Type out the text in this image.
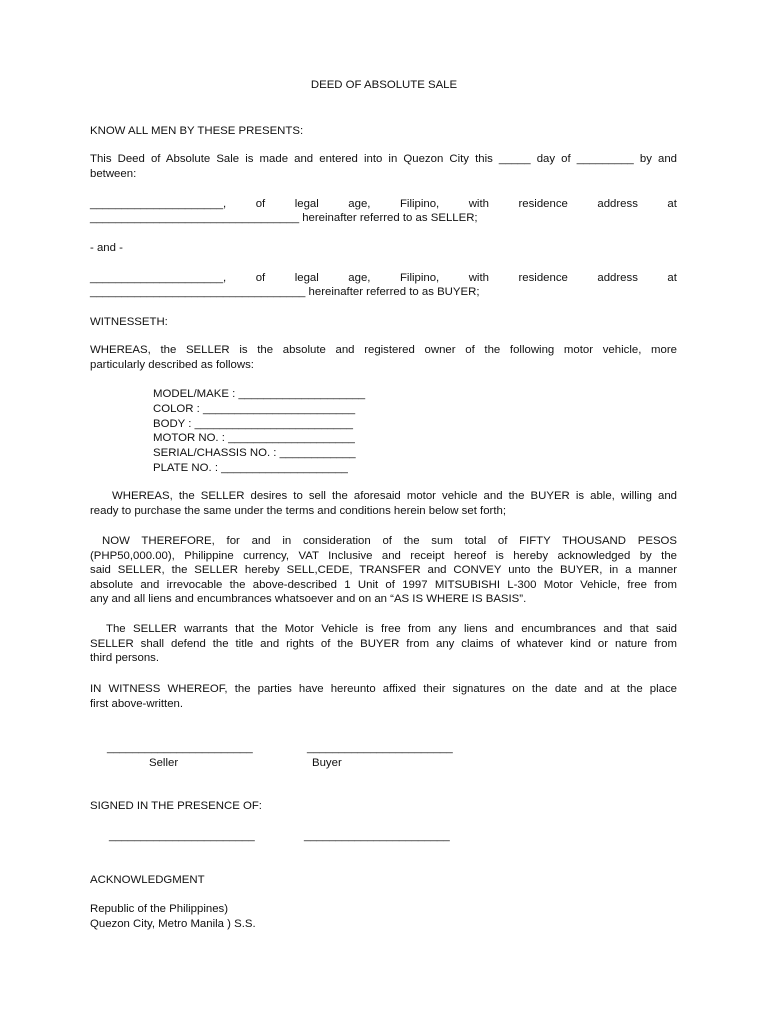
DEED OF ABSOLUTE SALE
KNOW ALL MEN BY THESE PRESENTS:
This Deed of Absolute Sale is made and entered into in Quezon City this _____ day of _________ by and
between:
_____________________,	of	legal	age,	Filipino,	with	residence	address	at
_________________________________ hereinafter referred to as SELLER;
- and -
_____________________,	of	legal	age,	Filipino,	with	residence	address	at
__________________________________ hereinafter referred to as BUYER;
WITNESSETH:
WHEREAS, the SELLER is the absolute and registered owner of the following motor vehicle, more
particularly described as follows:
MODEL/MAKE : ____________________
COLOR : ________________________
BODY : _________________________
MOTOR NO. : ____________________
SERIAL/CHASSIS NO. : ____________
PLATE NO. : ____________________
WHEREAS, the SELLER desires to sell the aforesaid motor vehicle and the BUYER is able, willing and
ready to purchase the same under the terms and conditions herein below set forth;
NOW THEREFORE, for and in consideration of the sum total of FIFTY THOUSAND PESOS
(PHP50,000.00), Philippine currency, VAT Inclusive and receipt hereof is hereby acknowledged by the
said SELLER, the SELLER hereby SELL,CEDE, TRANSFER and CONVEY unto the BUYER, in a manner
absolute and irrevocable the above-described 1 Unit of 1997 MITSUBISHI L-300 Motor Vehicle, free from
any and all liens and encumbrances whatsoever and on an “AS IS WHERE IS BASIS”.
The SELLER warrants that the Motor Vehicle is free from any liens and encumbrances and that said
SELLER shall defend the title and rights of the BUYER from any claims of whatever kind or nature from
third persons.
IN WITNESS WHEREOF, the parties have hereunto affixed their signatures on the date and at the place
first above-written.
_______________________
Seller
_______________________
Buyer
SIGNED IN THE PRESENCE OF:
_______________________	_______________________
ACKNOWLEDGMENT
Republic of the Philippines)
Quezon City, Metro Manila ) S.S.
